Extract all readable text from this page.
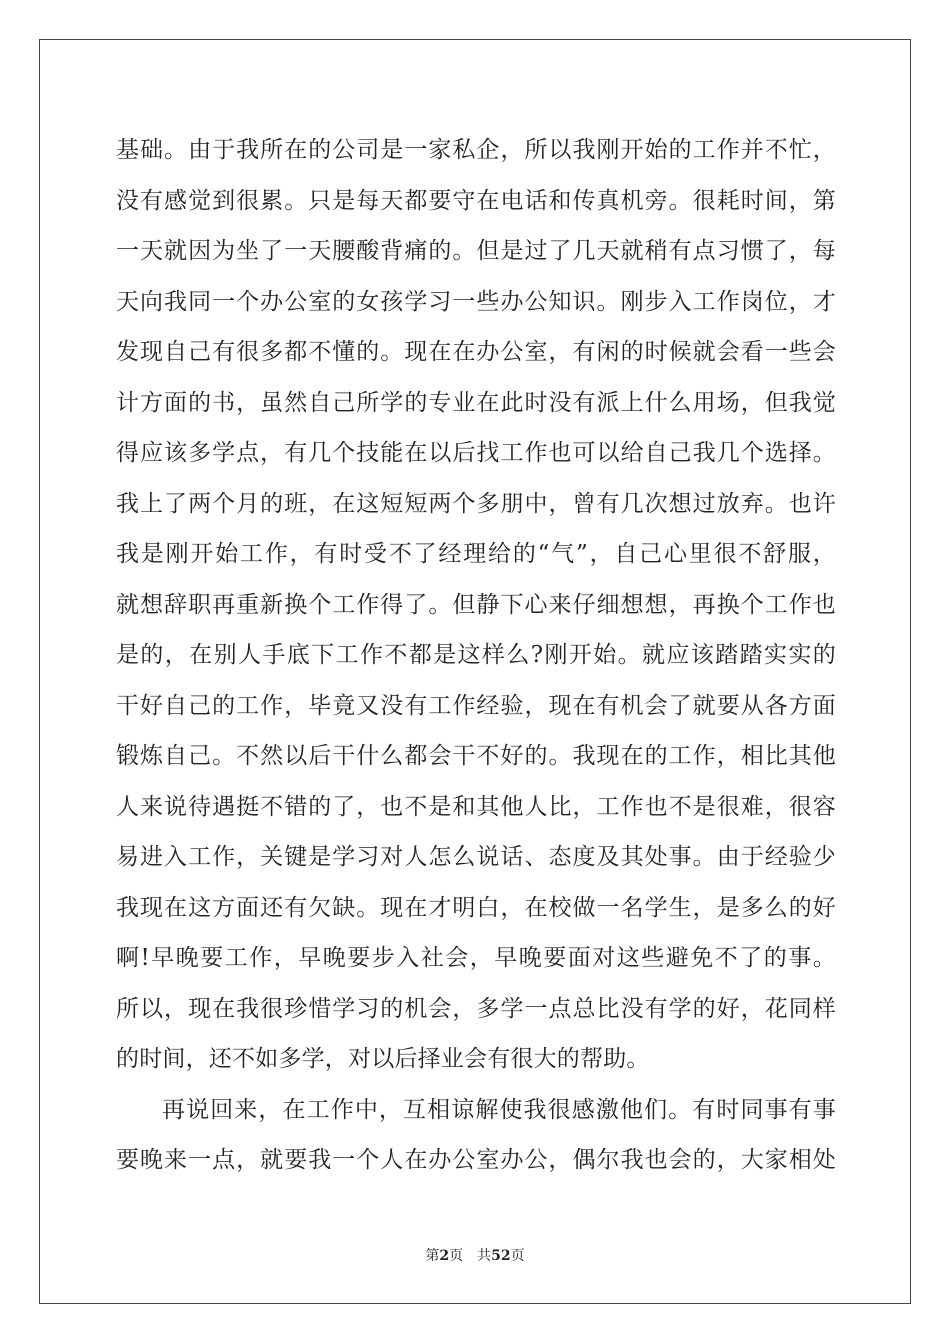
基础。由于我所在的公司是一家私企，所以我刚开始的工作并不忙，
没有感觉到很累。只是每天都要守在电话和传真机旁。很耗时间，第
一天就因为坐了一天腰酸背痛的。但是过了几天就稍有点习惯了，每
天向我同一个办公室的女孩学习一些办公知识。刚步入工作岗位，才
发现自己有很多都不懂的。现在在办公室，有闲的时候就会看一些会
计方面的书，虽然自己所学的专业在此时没有派上什么用场，但我觉
得应该多学点，有几个技能在以后找工作也可以给自己我几个选择。
我上了两个月的班，在这短短两个多朋中，曾有几次想过放弃。也许
我是刚开始工作，有时受不了经理给的“气”，自己心里很不舒服，
就想辞职再重新换个工作得了。但静下心来仔细想想，再换个工作也
是的，在别人手底下工作不都是这样么?刚开始。就应该踏踏实实的
干好自己的工作，毕竟又没有工作经验，现在有机会了就要从各方面
锻炼自己。不然以后干什么都会干不好的。我现在的工作，相比其他
人来说待遇挺不错的了，也不是和其他人比，工作也不是很难，很容
易进入工作，关键是学习对人怎么说话、态度及其处事。由于经验少
我现在这方面还有欠缺。现在才明白，在校做一名学生，是多么的好
啊!早晚要工作，早晚要步入社会，早晚要面对这些避免不了的事。
所以，现在我很珍惜学习的机会，多学一点总比没有学的好，花同样
的时间，还不如多学，对以后择业会有很大的帮助。
再说回来，在工作中，互相谅解使我很感激他们。有时同事有事
要晚来一点，就要我一个人在办公室办公，偶尔我也会的，大家相处
第2页 共52页
